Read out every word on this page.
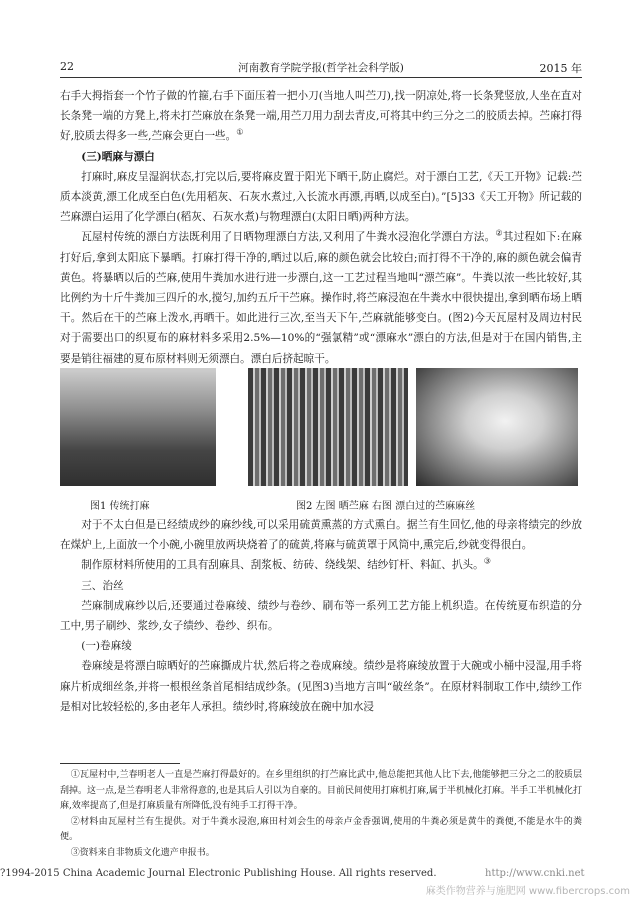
22	河南教育学院学报(哲学社会科学版)	2015 年

右手大拇指套一个竹子做的竹箍,右手下面压着一把小刀(当地人叫苎刀),找一阴凉处,将一长条凳竖放,人坐在直对长条凳一端的方凳上,将未打苎麻放在条凳一端,用苎刀用力刮去青皮,可将其中约三分之二的胶质去掉。苎麻打得好,胶质去得多一些,苎麻会更白一些。①

(三)晒麻与漂白

打麻时,麻皮呈湿润状态,打完以后,要将麻皮置于阳光下晒干,防止腐烂。对于漂白工艺,《天工开物》记载:苎质本淡黄,漂工化成至白色(先用稻灰、石灰水煮过,入长流水再漂,再晒,以成至白)。”[5]33《天工开物》所记载的苎麻漂白运用了化学漂白(稻灰、石灰水煮)与物理漂白(太阳日晒)两种方法。

瓦屋村传统的漂白方法既利用了日晒物理漂白方法,又利用了牛粪水浸泡化学漂白方法。②其过程如下:在麻打好后,拿到太阳底下暴晒。打麻打得干净的,晒过以后,麻的颜色就会比较白;而打得不干净的,麻的颜色就会偏青黄色。将暴晒以后的苎麻,使用牛粪加水进行进一步漂白,这一工艺过程当地叫“漂苎麻”。牛粪以浓一些比较好,其比例约为十斤牛粪加三四斤的水,搅匀,加约五斤干苎麻。操作时,将苎麻浸泡在牛粪水中很快提出,拿到晒布场上晒干。然后在干的苎麻上泼水,再晒干。如此进行三次,至当天下午,苎麻就能够变白。(图2)今天瓦屋村及周边村民对于需要出口的织夏布的麻材料多采用2.5%—10%的“强氯精”或“漂麻水”漂白的方法,但是对于在国内销售,主要是销往福建的夏布原材料则无须漂白。漂白后挤起晾干。

图1 传统打麻	图2 左图 晒苎麻 右图 漂白过的苎麻麻丝

对于不太白但是已经绩成纱的麻纱线,可以采用硫黄熏蒸的方式熏白。据兰有生回忆,他的母亲将绩完的纱放在煤炉上,上面放一个小碗,小碗里放两块烧着了的硫黄,将麻与硫黄罩于风筒中,熏完后,纱就变得很白。

制作原材料所使用的工具有刮麻具、刮浆板、纺砖、绕线架、结纱钉杆、料缸、扒头。③

三、治丝

苎麻制成麻纱以后,还要通过卷麻绫、绩纱与卷纱、刷布等一系列工艺方能上机织造。在传统夏布织造的分工中,男子刷纱、浆纱,女子绩纱、卷纱、织布。

(一)卷麻绫

卷麻绫是将漂白晾晒好的苎麻撕成片状,然后将之卷成麻绫。绩纱是将麻绫放置于大碗或小桶中浸湿,用手将麻片析成细丝条,并将一根根丝条首尾相结成纱条。(见图3)当地方言叫“破丝条”。在原材料制取工作中,绩纱工作是相对比较轻松的,多由老年人承担。绩纱时,将麻绫放在碗中加水浸

①瓦屋村中,兰春明老人一直是苎麻打得最好的。在乡里组织的打苎麻比武中,他总能把其他人比下去,他能够把三分之二的胶质层刮掉。这一点,是兰春明老人非常得意的,也是其后人引以为自豪的。目前民间使用打麻机打麻,属于半机械化打麻。半手工半机械化打麻,效率提高了,但是打麻质量有所降低,没有纯手工打得干净。

②材料由瓦屋村兰有生提供。对于牛粪水浸泡,麻田村刘会生的母亲卢金香强调,使用的牛粪必须是黄牛的粪便,不能是水牛的粪便。

③资料来自非物质文化遗产申报书。

?1994-2015 China Academic Journal Electronic Publishing House. All rights reserved.	http://www.cnki.net
麻类作物营养与施肥网 www.fibercrops.com
